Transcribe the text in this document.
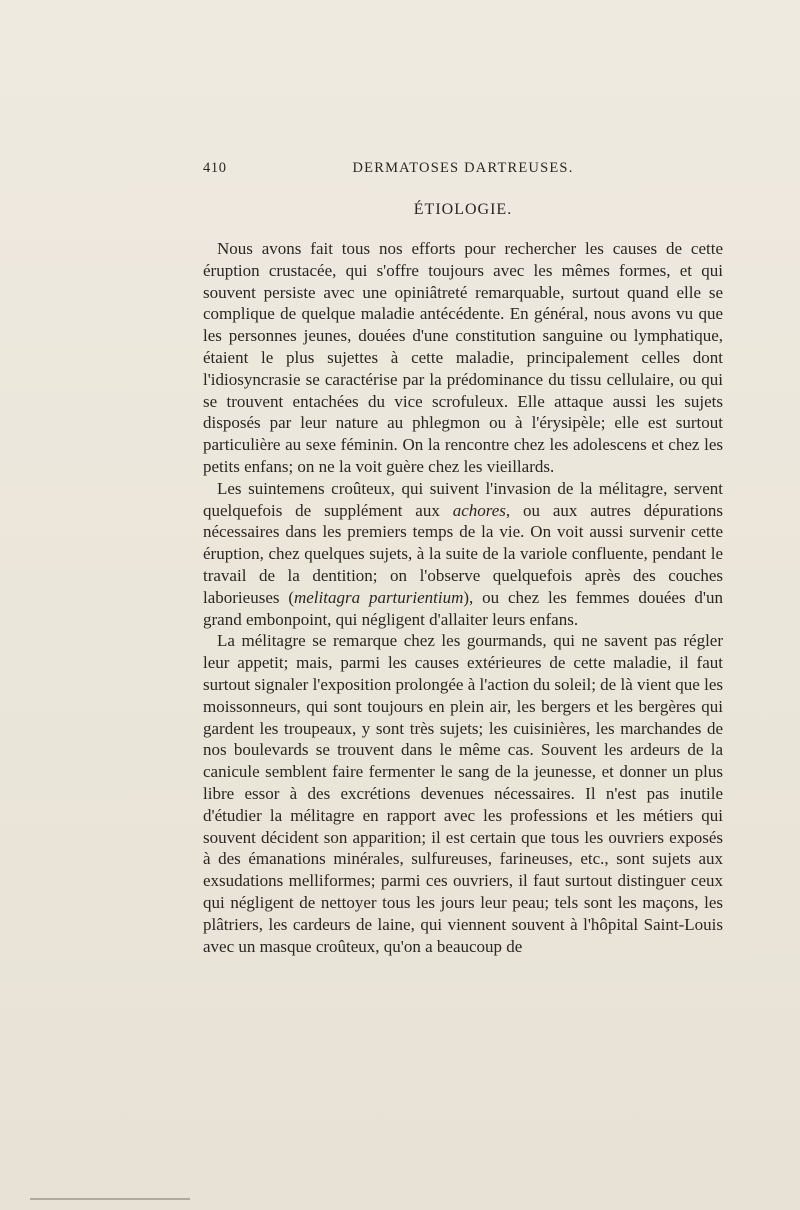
410	DERMATOSES DARTREUSES.
ÉTIOLOGIE.

Nous avons fait tous nos efforts pour rechercher les causes de cette éruption crustacée, qui s'offre toujours avec les mêmes formes, et qui souvent persiste avec une opiniâtreté remarquable, surtout quand elle se complique de quelque maladie antécédente. En général, nous avons vu que les personnes jeunes, douées d'une constitution sanguine ou lymphatique, étaient le plus sujettes à cette maladie, principalement celles dont l'idiosyncrasie se caractérise par la prédominance du tissu cellulaire, ou qui se trouvent entachées du vice scrofuleux. Elle attaque aussi les sujets disposés par leur nature au phlegmon ou à l'érysipèle; elle est surtout particulière au sexe féminin. On la rencontre chez les adolescens et chez les petits enfans; on ne la voit guère chez les vieillards.

Les suintemens croûteux, qui suivent l'invasion de la mélitagre, servent quelquefois de supplément aux achores, ou aux autres dépurations nécessaires dans les premiers temps de la vie. On voit aussi survenir cette éruption, chez quelques sujets, à la suite de la variole confluente, pendant le travail de la dentition; on l'observe quelquefois après des couches laborieuses (melitagra parturientium), ou chez les femmes douées d'un grand embonpoint, qui négligent d'allaiter leurs enfans.

La mélitagre se remarque chez les gourmands, qui ne savent pas régler leur appetit; mais, parmi les causes extérieures de cette maladie, il faut surtout signaler l'exposition prolongée à l'action du soleil; de là vient que les moissonneurs, qui sont toujours en plein air, les bergers et les bergères qui gardent les troupeaux, y sont très sujets; les cuisinières, les marchandes de nos boulevards se trouvent dans le même cas. Souvent les ardeurs de la canicule semblent faire fermenter le sang de la jeunesse, et donner un plus libre essor à des excrétions devenues nécessaires. Il n'est pas inutile d'étudier la mélitagre en rapport avec les professions et les métiers qui souvent décident son apparition; il est certain que tous les ouvriers exposés à des émanations minérales, sulfureuses, farineuses, etc., sont sujets aux exsudations melliformes; parmi ces ouvriers, il faut surtout distinguer ceux qui négligent de nettoyer tous les jours leur peau; tels sont les maçons, les plâtriers, les cardeurs de laine, qui viennent souvent à l'hôpital Saint-Louis avec un masque croûteux, qu'on a beaucoup de
